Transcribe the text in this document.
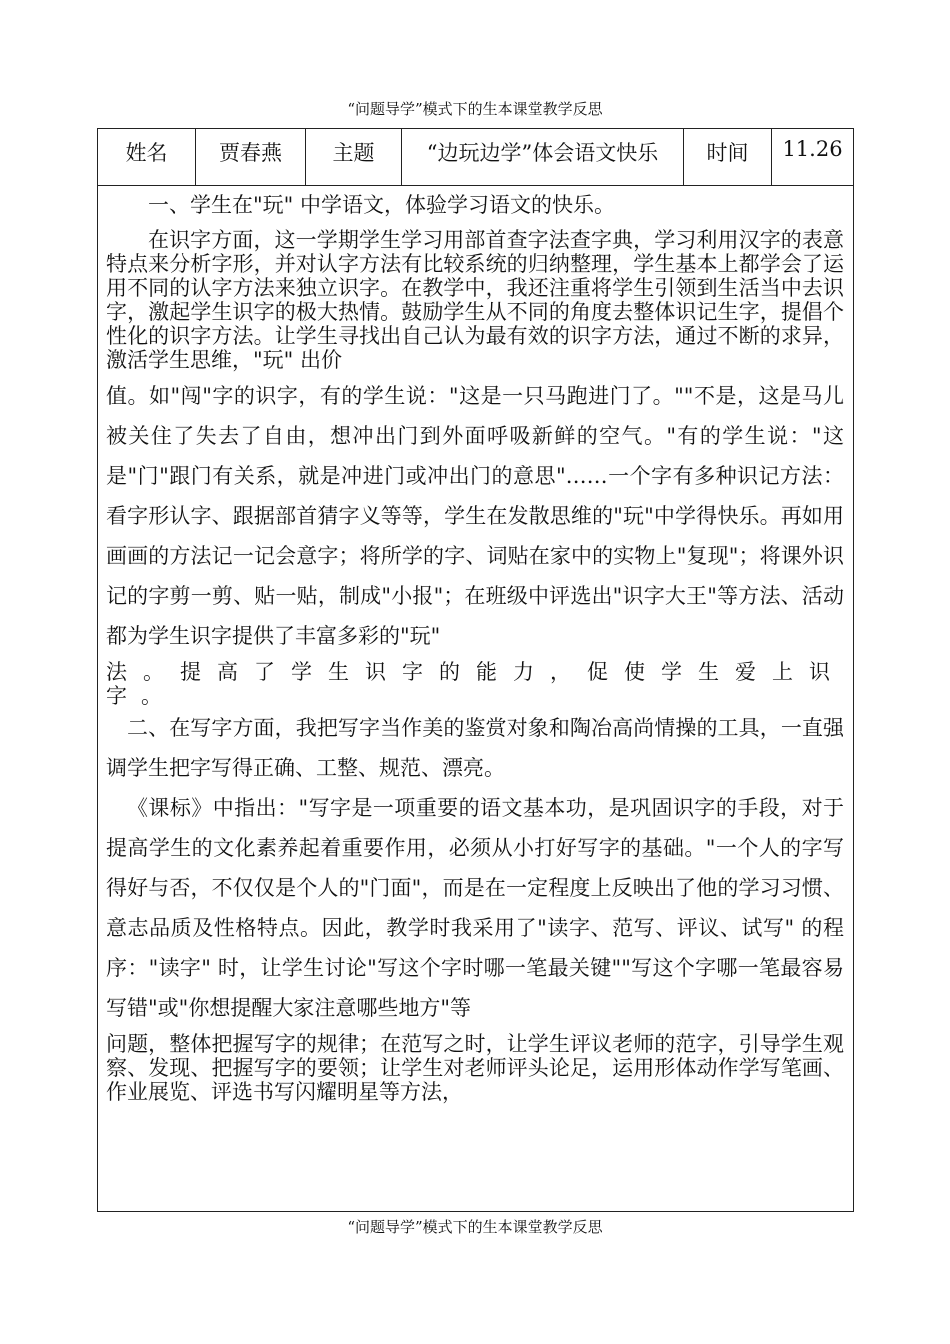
“问题导学”模式下的生本课堂教学反思
姓名	贾春燕	主题	“边玩边学”体会语文快乐	时间	11.26

一、学生在"玩" 中学语文，体验学习语文的快乐。

在识字方面，这一学期学生学习用部首查字法查字典，学习利用汉字的表意特点来分析字形，并对认字方法有比较系统的归纳整理，学生基本上都学会了运用不同的认字方法来独立识字。在教学中，我还注重将学生引领到生活当中去识字，激起学生识字的极大热情。鼓励学生从不同的角度去整体识记生字，提倡个性化的识字方法。让学生寻找出自己认为最有效的识字方法，通过不断的求异，激活学生思维，"玩" 出价

值。如"闯"字的识字，有的学生说："这是一只马跑进门了。""不是，这是马儿被关住了失去了自由，想冲出门到外面呼吸新鲜的空气。"有的学生说："这是"门"跟门有关系，就是冲进门或冲出门的意思"……一个字有多种识记方法：看字形认字、跟据部首猜字义等等，学生在发散思维的"玩"中学得快乐。再如用画画的方法记一记会意字；将所学的字、词贴在家中的实物上"复现"；将课外识记的字剪一剪、贴一贴，制成"小报"；在班级中评选出"识字大王"等方法、活动都为学生识字提供了丰富多彩的"玩"

法。提高了学生识字的能力，促使学生爱上识字。

二、在写字方面，我把写字当作美的鉴赏对象和陶冶高尚情操的工具，一直强调学生把字写得正确、工整、规范、漂亮。

《课标》中指出："写字是一项重要的语文基本功，是巩固识字的手段，对于提高学生的文化素养起着重要作用，必须从小打好写字的基础。"一个人的字写得好与否，不仅仅是个人的"门面"，而是在一定程度上反映出了他的学习习惯、意志品质及性格特点。因此，教学时我采用了"读字、范写、评议、试写" 的程序："读字" 时，让学生讨论"写这个字时哪一笔最关键""写这个字哪一笔最容易写错"或"你想提醒大家注意哪些地方"等

问题，整体把握写字的规律；在范写之时，让学生评议老师的范字，引导学生观察、发现、把握写字的要领；让学生对老师评头论足，运用形体动作学写笔画、作业展览、评选书写闪耀明星等方法，

“问题导学”模式下的生本课堂教学反思
